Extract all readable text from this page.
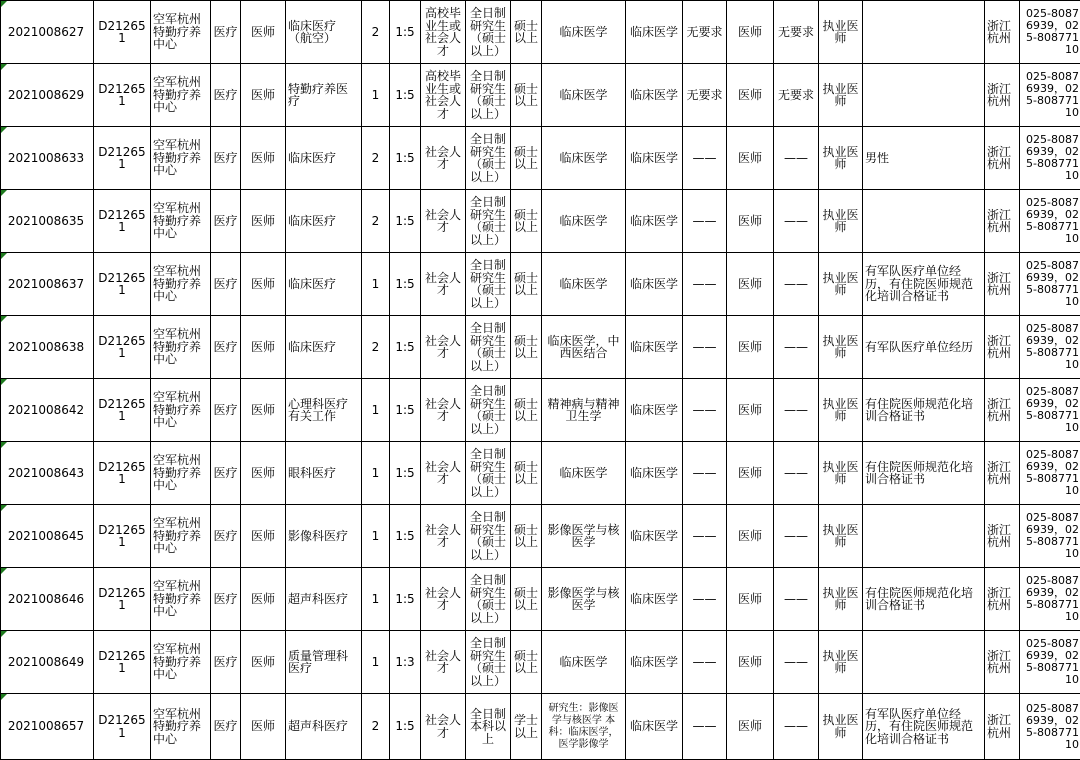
2021008627	D212651	空军杭州特勤疗养中心	医疗	医师	临床医疗（航空）	2	1:5	高校毕业生或社会人才	全日制研究生（硕士以上）	硕士以上	临床医学	临床医学	无要求	医师	无要求	执业医师		浙江杭州	025-80876939，025-80877110
2021008629	D212651	空军杭州特勤疗养中心	医疗	医师	特勤疗养医疗	1	1:5	高校毕业生或社会人才	全日制研究生（硕士以上）	硕士以上	临床医学	临床医学	无要求	医师	无要求	执业医师		浙江杭州	025-80876939，025-80877110
2021008633	D212651	空军杭州特勤疗养中心	医疗	医师	临床医疗	2	1:5	社会人才	全日制研究生（硕士以上）	硕士以上	临床医学	临床医学	——	医师	——	执业医师	男性	浙江杭州	025-80876939，025-80877110
2021008635	D212651	空军杭州特勤疗养中心	医疗	医师	临床医疗	2	1:5	社会人才	全日制研究生（硕士以上）	硕士以上	临床医学	临床医学	——	医师	——	执业医师		浙江杭州	025-80876939，025-80877110
2021008637	D212651	空军杭州特勤疗养中心	医疗	医师	临床医疗	1	1:5	社会人才	全日制研究生（硕士以上）	硕士以上	临床医学	临床医学	——	医师	——	执业医师	有军队医疗单位经历，有住院医师规范化培训合格证书	浙江杭州	025-80876939，025-80877110
2021008638	D212651	空军杭州特勤疗养中心	医疗	医师	临床医疗	2	1:5	社会人才	全日制研究生（硕士以上）	硕士以上	临床医学，中西医结合	临床医学	——	医师	——	执业医师	有军队医疗单位经历	浙江杭州	025-80876939，025-80877110
2021008642	D212651	空军杭州特勤疗养中心	医疗	医师	心理科医疗有关工作	1	1:5	社会人才	全日制研究生（硕士以上）	硕士以上	精神病与精神卫生学	临床医学	——	医师	——	执业医师	有住院医师规范化培训合格证书	浙江杭州	025-80876939，025-80877110
2021008643	D212651	空军杭州特勤疗养中心	医疗	医师	眼科医疗	1	1:5	社会人才	全日制研究生（硕士以上）	硕士以上	临床医学	临床医学	——	医师	——	执业医师	有住院医师规范化培训合格证书	浙江杭州	025-80876939，025-80877110
2021008645	D212651	空军杭州特勤疗养中心	医疗	医师	影像科医疗	1	1:5	社会人才	全日制研究生（硕士以上）	硕士以上	影像医学与核医学	临床医学	——	医师	——	执业医师		浙江杭州	025-80876939，025-80877110
2021008646	D212651	空军杭州特勤疗养中心	医疗	医师	超声科医疗	1	1:5	社会人才	全日制研究生（硕士以上）	硕士以上	影像医学与核医学	临床医学	——	医师	——	执业医师	有住院医师规范化培训合格证书	浙江杭州	025-80876939，025-80877110
2021008649	D212651	空军杭州特勤疗养中心	医疗	医师	质量管理科医疗	1	1:3	社会人才	全日制研究生（硕士以上）	硕士以上	临床医学	临床医学	——	医师	——	执业医师		浙江杭州	025-80876939，025-80877110
2021008657	D212651	空军杭州特勤疗养中心	医疗	医师	超声科医疗	2	1:5	社会人才	全日制本科以上	学士以上	研究生：影像医学与核医学 本科：临床医学，医学影像学	临床医学	——	医师	——	执业医师	有军队医疗单位经历，有住院医师规范化培训合格证书	浙江杭州	025-80876939，025-80877110
